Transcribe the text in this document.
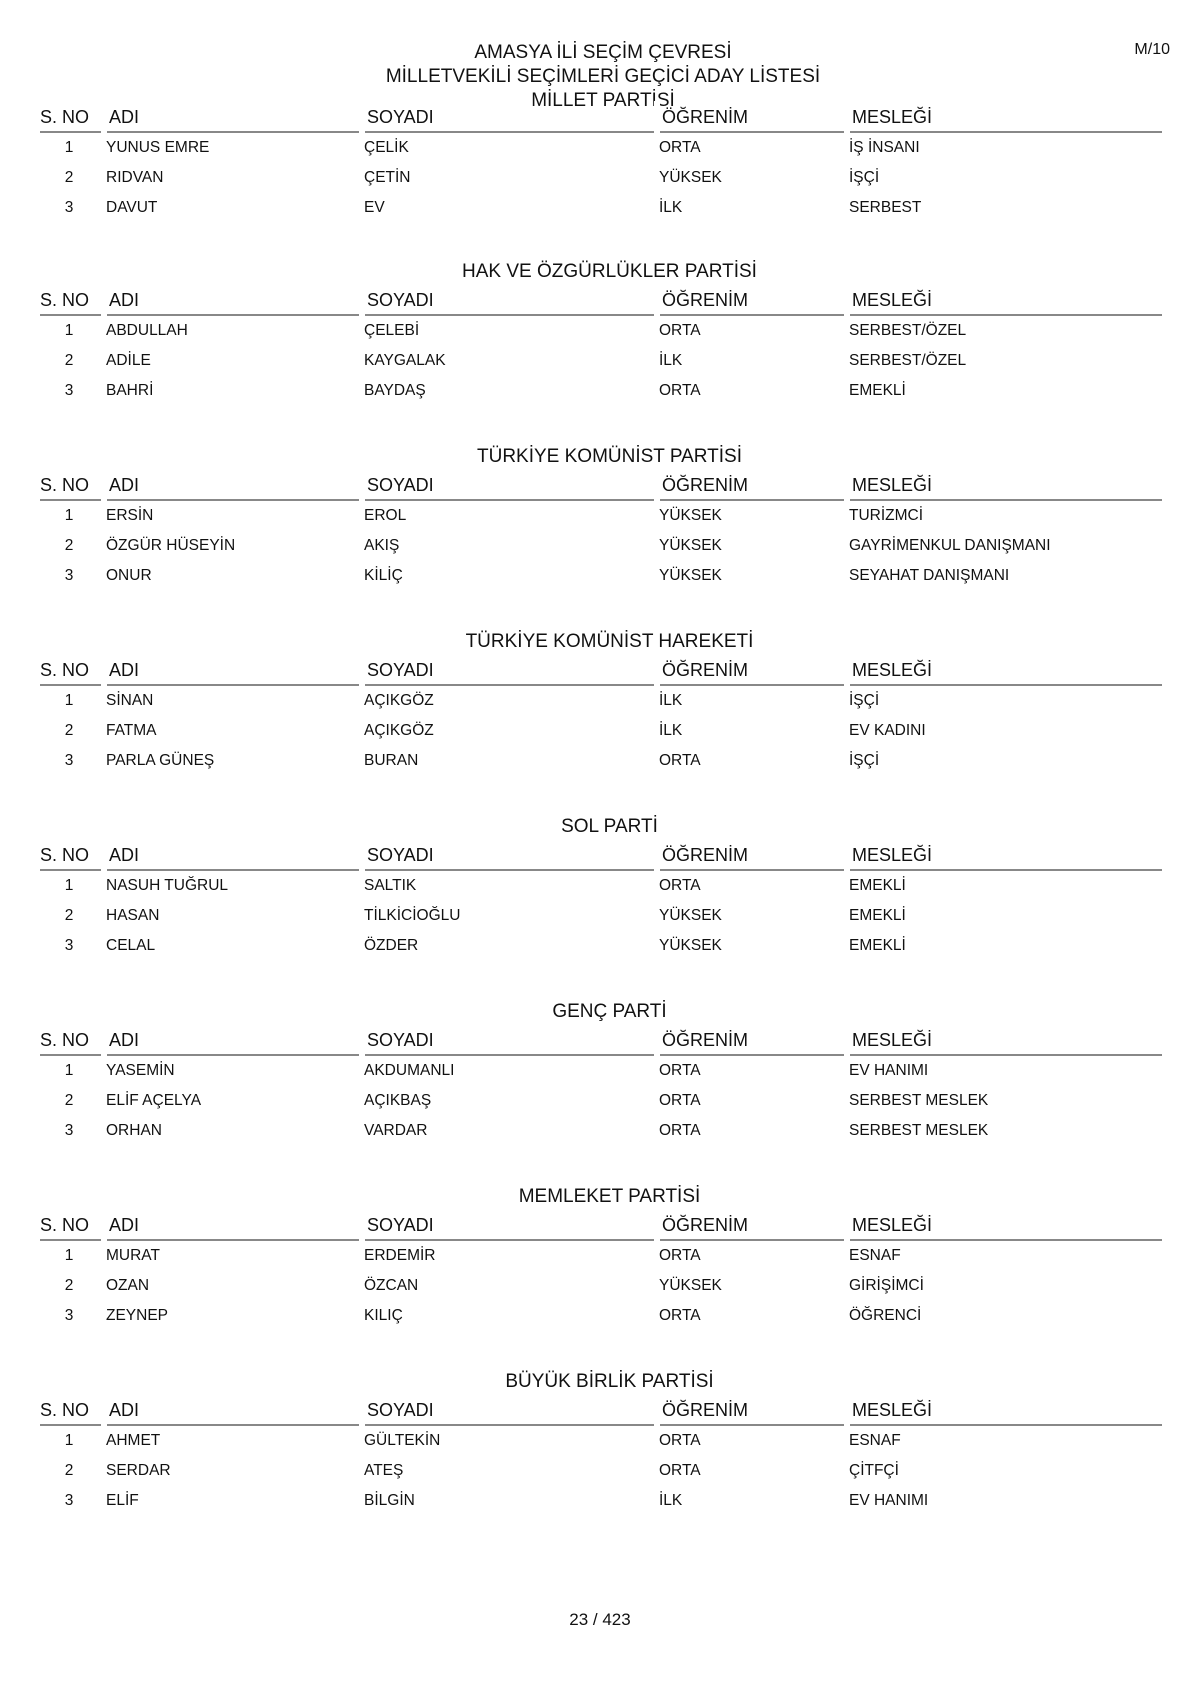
M/10
AMASYA İLİ SEÇİM ÇEVRESİ
MİLLETVEKİLİ SEÇİMLERİ GEÇİCİ ADAY LİSTESİ
MİLLET PARTİSİ
S. NO	ADI	SOYADI	ÖĞRENİM	MESLEĞİ
1	YUNUS EMRE	ÇELİK	ORTA	İŞ İNSANI
2	RIDVAN	ÇETİN	YÜKSEK	İŞÇİ
3	DAVUT	EV	İLK	SERBEST
HAK VE ÖZGÜRLÜKLER PARTİSİ
S. NO	ADI	SOYADI	ÖĞRENİM	MESLEĞİ
1	ABDULLAH	ÇELEBİ	ORTA	SERBEST/ÖZEL
2	ADİLE	KAYGALAK	İLK	SERBEST/ÖZEL
3	BAHRİ	BAYDAŞ	ORTA	EMEKLİ
TÜRKİYE KOMÜNİST PARTİSİ
S. NO	ADI	SOYADI	ÖĞRENİM	MESLEĞİ
1	ERSİN	EROL	YÜKSEK	TURİZMCİ
2	ÖZGÜR HÜSEYİN	AKIŞ	YÜKSEK	GAYRİMENKUL DANIŞMANI
3	ONUR	KİLİÇ	YÜKSEK	SEYAHAT DANIŞMANI
TÜRKİYE KOMÜNİST HAREKETİ
S. NO	ADI	SOYADI	ÖĞRENİM	MESLEĞİ
1	SİNAN	AÇIKGÖZ	İLK	İŞÇİ
2	FATMA	AÇIKGÖZ	İLK	EV KADINI
3	PARLA GÜNEŞ	BURAN	ORTA	İŞÇİ
SOL PARTİ
S. NO	ADI	SOYADI	ÖĞRENİM	MESLEĞİ
1	NASUH TUĞRUL	SALTIK	ORTA	EMEKLİ
2	HASAN	TİLKİCİOĞLU	YÜKSEK	EMEKLİ
3	CELAL	ÖZDER	YÜKSEK	EMEKLİ
GENÇ PARTİ
S. NO	ADI	SOYADI	ÖĞRENİM	MESLEĞİ
1	YASEMİN	AKDUMANLI	ORTA	EV HANIMI
2	ELİF AÇELYA	AÇIKBAŞ	ORTA	SERBEST MESLEK
3	ORHAN	VARDAR	ORTA	SERBEST MESLEK
MEMLEKET PARTİSİ
S. NO	ADI	SOYADI	ÖĞRENİM	MESLEĞİ
1	MURAT	ERDEMİR	ORTA	ESNAF
2	OZAN	ÖZCAN	YÜKSEK	GİRİŞİMCİ
3	ZEYNEP	KILIÇ	ORTA	ÖĞRENCİ
BÜYÜK BİRLİK PARTİSİ
S. NO	ADI	SOYADI	ÖĞRENİM	MESLEĞİ
1	AHMET	GÜLTEKİN	ORTA	ESNAF
2	SERDAR	ATEŞ	ORTA	ÇİTFÇİ
3	ELİF	BİLGİN	İLK	EV HANIMI
23 / 423
